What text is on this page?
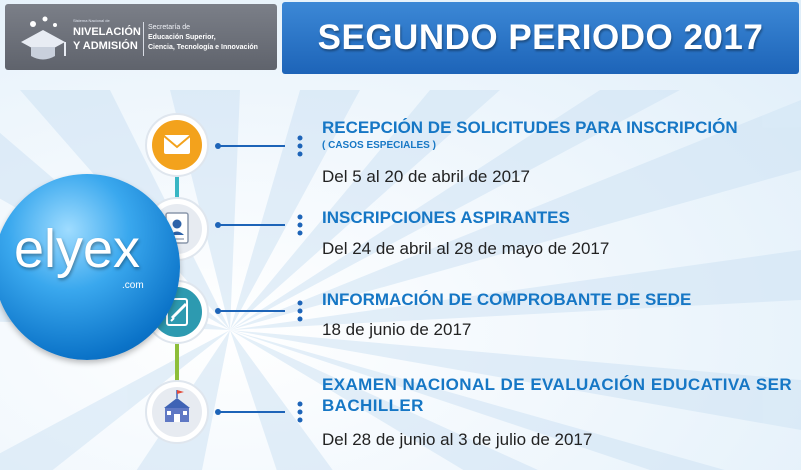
Sistema Nacional de
NIVELACIÓN
Y ADMISIÓN
Secretaría de
Educación Superior,
Ciencia, Tecnología e Innovación	SEGUNDO PERIODO 2017
elyex
.com
RECEPCIÓN DE SOLICITUDES PARA INSCRIPCIÓN
( CASOS ESPECIALES )
Del 5 al 20 de abril de 2017
INSCRIPCIONES ASPIRANTES
Del 24 de abril al 28 de mayo de 2017
INFORMACIÓN DE COMPROBANTE DE SEDE
18 de junio de 2017
EXAMEN NACIONAL DE EVALUACIÓN EDUCATIVA SER BACHILLER
Del 28 de junio al 3 de julio de 2017
